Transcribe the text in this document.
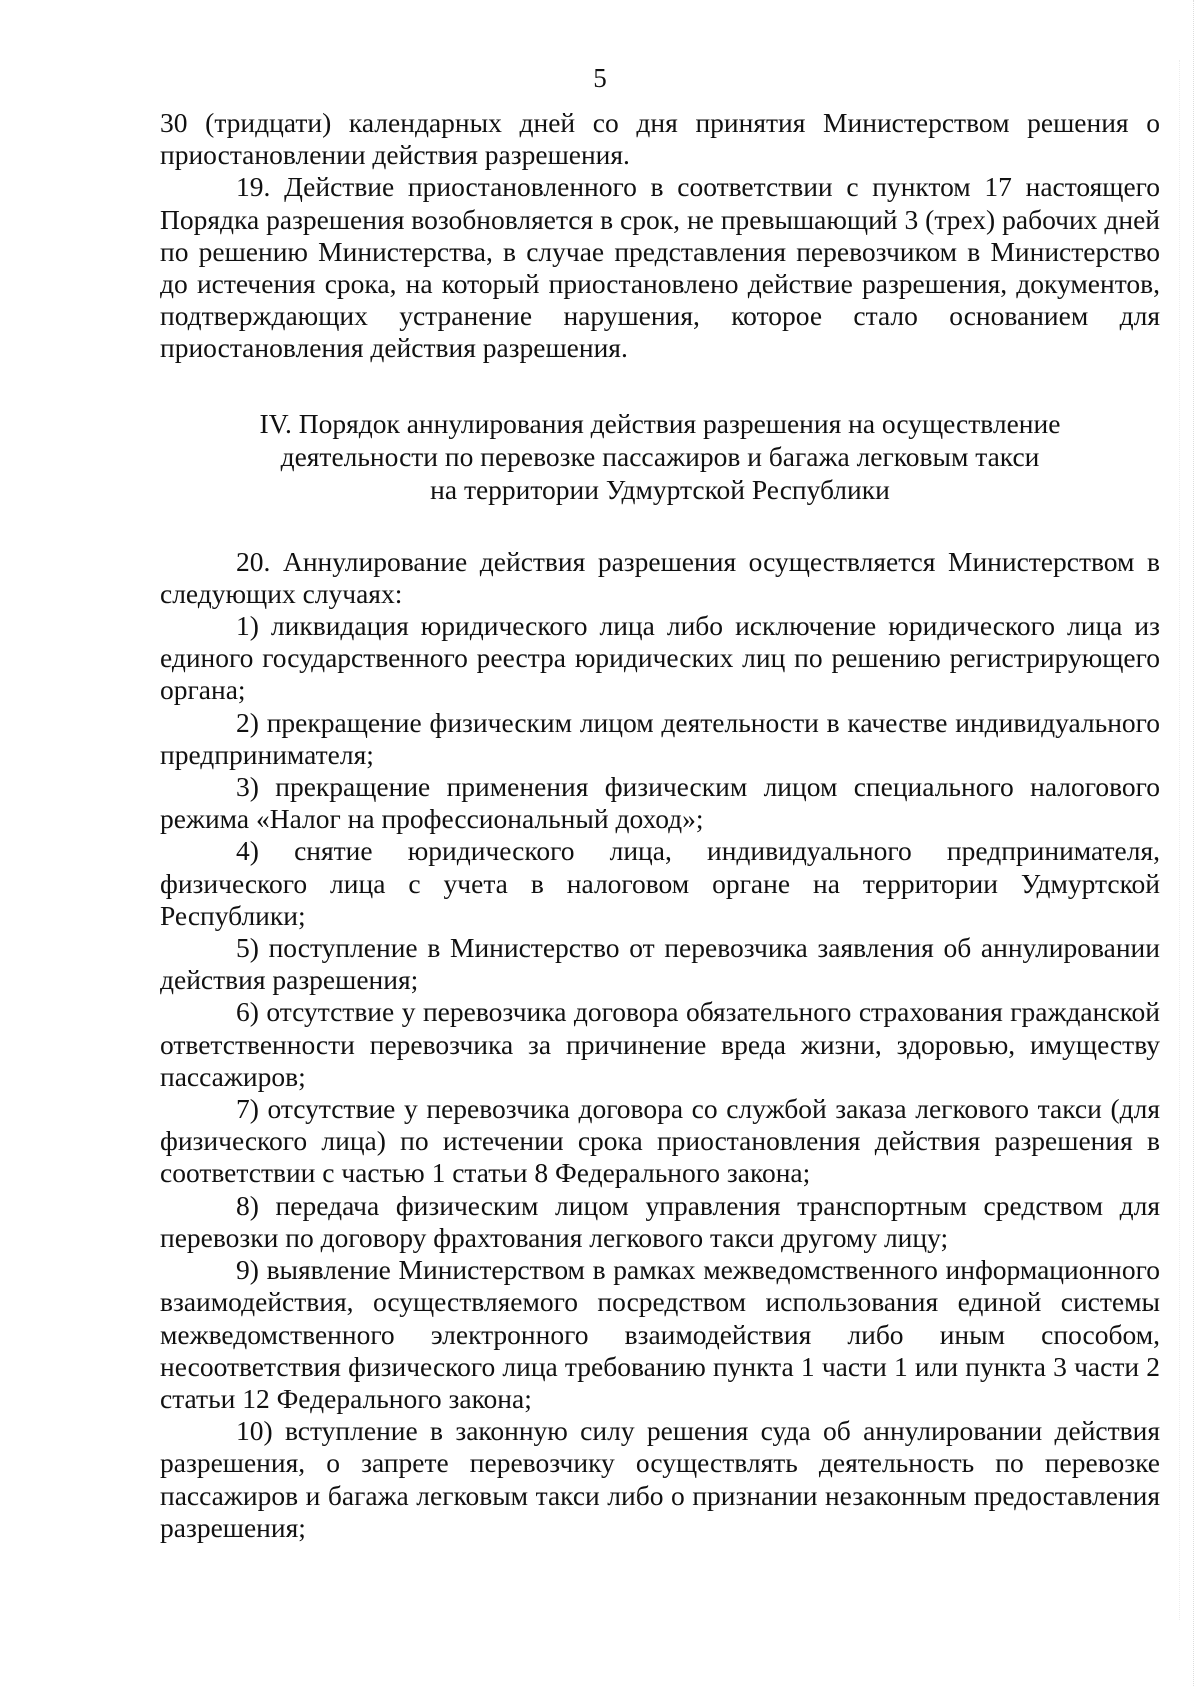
5

30 (тридцати) календарных дней со дня принятия Министерством решения о приостановлении действия разрешения.

19. Действие приостановленного в соответствии с пунктом 17 настоящего Порядка разрешения возобновляется в срок, не превышающий 3 (трех) рабочих дней по решению Министерства, в случае представления перевозчиком в Министерство до истечения срока, на который приостановлено действие разрешения, документов, подтверждающих устранение нарушения, которое стало основанием для приостановления действия разрешения.

IV. Порядок аннулирования действия разрешения на осуществление
деятельности по перевозке пассажиров и багажа легковым такси
на территории Удмуртской Республики

20. Аннулирование действия разрешения осуществляется Министерством в следующих случаях:

1) ликвидация юридического лица либо исключение юридического лица из единого государственного реестра юридических лиц по решению регистрирующего органа;

2) прекращение физическим лицом деятельности в качестве индивидуального предпринимателя;

3) прекращение применения физическим лицом специального налогового режима «Налог на профессиональный доход»;

4) снятие юридического лица, индивидуального предпринимателя, физического лица с учета в налоговом органе на территории Удмуртской Республики;

5) поступление в Министерство от перевозчика заявления об аннулировании действия разрешения;

6) отсутствие у перевозчика договора обязательного страхования гражданской ответственности перевозчика за причинение вреда жизни, здоровью, имуществу пассажиров;

7) отсутствие у перевозчика договора со службой заказа легкового такси (для физического лица) по истечении срока приостановления действия разрешения в соответствии с частью 1 статьи 8 Федерального закона;

8) передача физическим лицом управления транспортным средством для перевозки по договору фрахтования легкового такси другому лицу;

9) выявление Министерством в рамках межведомственного информационного взаимодействия, осуществляемого посредством использования единой системы межведомственного электронного взаимодействия либо иным способом, несоответствия физического лица требованию пункта 1 части 1 или пункта 3 части 2 статьи 12 Федерального закона;

10) вступление в законную силу решения суда об аннулировании действия разрешения, о запрете перевозчику осуществлять деятельность по перевозке пассажиров и багажа легковым такси либо о признании незаконным предоставления разрешения;
